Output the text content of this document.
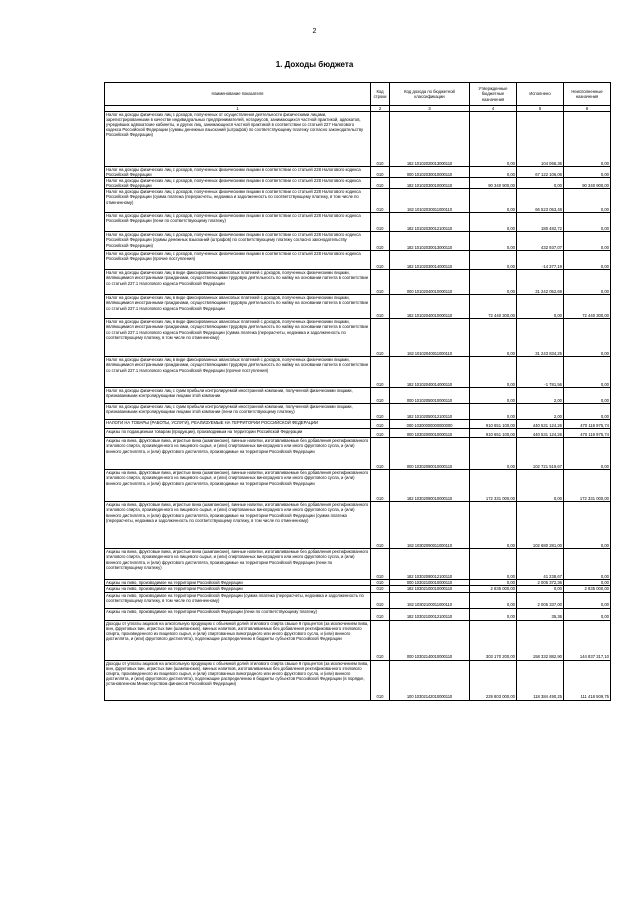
2
1. Доходы бюджета
Наименование показателя	Код строки	Код дохода по бюджетной классификации	Утвержденные бюджетные назначения	Исполнено	Неисполненные назначения
1	2	3	4	5	6
Налог на доходы физических лиц с доходов, полученных от осуществления деятельности физическими лицами, зарегистрированными в качестве индивидуальных предпринимателей, нотариусов, занимающихся частной практикой, адвокатов, учредивших адвокатские кабинеты, и других лиц, занимающихся частной практикой в соответствии со статьей 227 Налогового кодекса Российской Федерации (суммы денежных взысканий (штрафов) по соответствующему платежу согласно законодательству Российской Федерации)	010	182 10102020013000110	0,00	104 066,36	0,00
Налог на доходы физических лиц с доходов, полученных физическими лицами в соответствии со статьей 228 Налогового кодекса Российской Федерации	010	000 10102030010000110	0,00	67 122 106,06	0,00
Налог на доходы физических лиц с доходов, полученных физическими лицами в соответствии со статьей 228 Налогового кодекса Российской Федерации	010	182 10102030010000110	90 340 900,00	0,00	90 340 900,00
Налог на доходы физических лиц с доходов, полученных физическими лицами в соответствии со статьей 228 Налогового кодекса Российской Федерации (сумма платежа (перерасчеты, недоимка и задолженность по соответствующему платежу, в том числе по отмененному)	010	182 10102030011000110	0,00	66 523 053,48	0,00
Налог на доходы физических лиц с доходов, полученных физическими лицами в соответствии со статьей 228 Налогового кодекса Российской Федерации (пени по соответствующему платежу)	010	182 10102030012100110	0,00	180 482,72	0,00
Налог на доходы физических лиц с доходов, полученных физическими лицами в соответствии со статьей 228 Налогового кодекса Российской Федерации (суммы денежных взысканий (штрафов) по соответствующему платежу согласно законодательству Российской Федерации)	010	182 10102030013000110	0,00	432 937,07	0,00
Налог на доходы физических лиц с доходов, полученных физическими лицами в соответствии со статьей 228 Налогового кодекса Российской Федерации (прочие поступления)	010	182 10102030014000110	0,00	-14 377,19	0,00
Налог на доходы физических лиц в виде фиксированных авансовых платежей с доходов, полученных физическими лицами, являющимися иностранными гражданами, осуществляющими трудовую деятельность по найму на основании патента в соответствии со статьей 227.1 Налогового кодекса Российской Федерации	010	000 10102040010000110	0,00	31 242 052,69	0,00
Налог на доходы физических лиц в виде фиксированных авансовых платежей с доходов, полученных физическими лицами, являющимися иностранными гражданами, осуществляющими трудовую деятельность по найму на основании патента в соответствии со статьей 227.1 Налогового кодекса Российской Федерации	010	182 10102040010000110	72 440 300,00	0,00	72 440 300,00
Налог на доходы физических лиц в виде фиксированных авансовых платежей с доходов, полученных физическими лицами, являющимися иностранными гражданами, осуществляющими трудовую деятельность по найму на основании патента в соответствии со статьей 227.1 Налогового кодекса Российской Федерации (сумма платежа (перерасчеты, недоимка и задолженность по соответствующему платежу, в том числе по отмененному)	010	182 10102040011000110	0,00	31 243 834,25	0,00
Налог на доходы физических лиц в виде фиксированных авансовых платежей с доходов, полученных физическими лицами, являющимися иностранными гражданами, осуществляющими трудовую деятельность по найму на основании патента в соответствии со статьей 227.1 Налогового кодекса Российской Федерации (прочие поступления)	010	182 10102040014000110	0,00	-1 781,56	0,00
Налог на доходы физических лиц с сумм прибыли контролируемой иностранной компании, полученной физическими лицами, признаваемыми контролирующими лицами этой компании	010	000 10102050010000110	0,00	2,00	0,00
Налог на доходы физических лиц с сумм прибыли контролируемой иностранной компании, полученной физическими лицами, признаваемыми контролирующими лицами этой компании (пени по соответствующему платежу)	010	182 10102050012100110	0,00	2,00	0,00
НАЛОГИ НА ТОВАРЫ (РАБОТЫ, УСЛУГИ), РЕАЛИЗУЕМЫЕ НА ТЕРРИТОРИИ РОССИЙСКОЙ ФЕДЕРАЦИИ	010	000 10300000000000000	910 651 100,00	440 531 124,26	470 119 975,74
Акцизы по подакцизным товарам (продукции), производимым на территории Российской Федерации	010	000 10302000010000110	910 651 100,00	440 531 124,26	470 119 975,74
Акцизы на вина, фруктовые вина, игристые вина (шампанские), винные напитки, изготавливаемые без добавления ректификованного этилового спирта, произведенного из пищевого сырья, и (или) спиртованных виноградного или иного фруктового сусла, и (или) винного дистиллята, и (или) фруктового дистиллята, производимые на территории Российской Федерации	010	000 10302090010000110	0,00	102 721 519,67	0,00
Акцизы на вина, фруктовые вина, игристые вина (шампанские), винные напитки, изготавливаемые без добавления ректификованного этилового спирта, произведенного из пищевого сырья, и (или) спиртованных виноградного или иного фруктового сусла, и (или) винного дистиллята, и (или) фруктового дистиллята, производимые на территории Российской Федерации	010	182 10302090010000110	172 331 000,00	0,00	172 331 000,00
Акцизы на вина, фруктовые вина, игристые вина (шампанские), винные напитки, изготавливаемые без добавления ректификованного этилового спирта, произведенного из пищевого сырья, и (или) спиртованных виноградного или иного фруктового сусла, и (или) винного дистиллята, и (или) фруктового дистиллята, производимые на территории Российской Федерации (сумма платежа (перерасчеты, недоимка и задолженность по соответствующему платежу, в том числе по отмененному)	010	182 10302090011000110	0,00	102 680 281,00	0,00
Акцизы на вина, фруктовые вина, игристые вина (шампанские), винные напитки, изготавливаемые без добавления ректификованного этилового спирта, произведенного из пищевого сырья, и (или) спиртованных виноградного или иного фруктового сусла, и (или) винного дистиллята, и (или) фруктового дистиллята, производимые на территории Российской Федерации (пени по соответствующему платежу)	010	182 10302090012100110	0,00	41 238,67	0,00
Акцизы на пиво, производимое на территории Российской Федерации	010	000 10302100010000110	0,00	2 005 372,36	0,00
Акцизы на пиво, производимое на территории Российской Федерации	010	182 10302100010000110	2 835 000,00	0,00	2 835 000,00
Акцизы на пиво, производимое на территории Российской Федерации (сумма платежа (перерасчеты, недоимка и задолженность по соответствующему платежу, в том числе по отмененному)	010	182 10302100011000110	0,00	2 005 337,00	0,00
Акцизы на пиво, производимое на территории Российской Федерации (пени по соответствующему платежу)	010	182 10302100012100110	0,00	35,36	0,00
Доходы от уплаты акцизов на алкогольную продукцию с объемной долей этилового спирта свыше 9 процентов (за исключением пива, вин, фруктовых вин, игристых вин (шампанских), винных напитков, изготавливаемых без добавления ректификованного этилового спирта, произведенного из пищевого сырья, и (или) спиртованных виноградного или иного фруктового сусла, и (или) винного дистиллята, и (или) фруктового дистиллята), подлежащие распределению в бюджеты субъектов Российской Федерации	010	000 10302140010000110	303 170 200,00	158 332 882,90	144 837 317,10
Доходы от уплаты акцизов на алкогольную продукцию с объемной долей этилового спирта свыше 9 процентов (за исключением пива, вин, фруктовых вин, игристых вин (шампанских), винных напитков, изготавливаемых без добавления ректификованного этилового спирта, произведенного из пищевого сырья, и (или) спиртованных виноградного или иного фруктового сусла, и (или) винного дистиллята, и (или) фруктового дистиллята), подлежащие распределению в бюджеты субъектов Российской Федерации (в порядке, установленном Министерством финансов Российской Федерации)	010	100 10302142010000110	229 803 000,00	118 384 490,25	111 418 509,75
